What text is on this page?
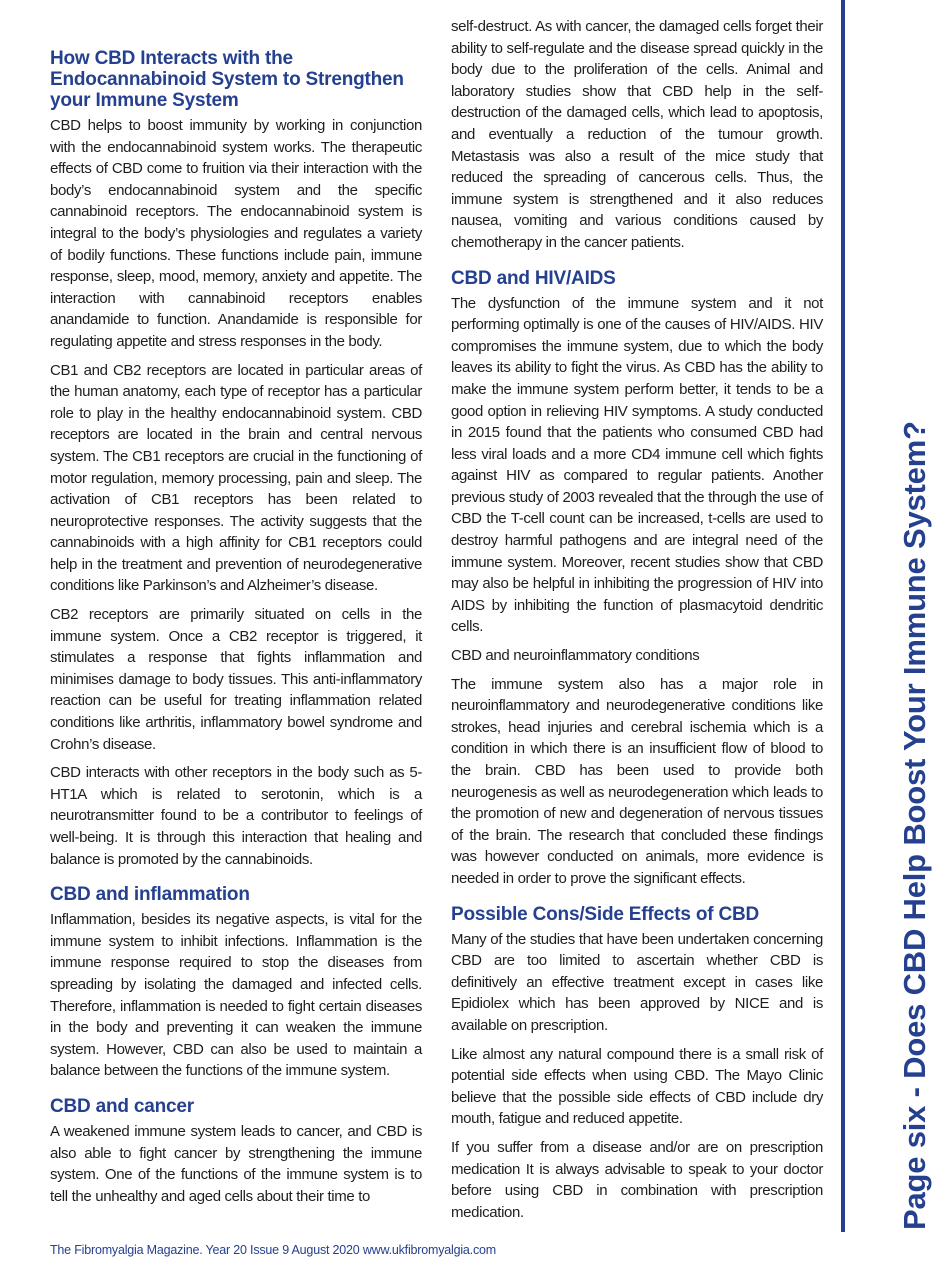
How CBD Interacts with the Endocannabinoid System to Strengthen your Immune System

CBD helps to boost immunity by working in conjunction with the endocannabinoid system works. The therapeutic effects of CBD come to fruition via their interaction with the body’s endocannabinoid system and the specific cannabinoid receptors. The endocannabinoid system is integral to the body’s physiologies and regulates a variety of bodily functions. These functions include pain, immune response, sleep, mood, memory, anxiety and appetite. The interaction with cannabinoid receptors enables anandamide to function. Anandamide is responsible for regulating appetite and stress responses in the body.

CB1 and CB2 receptors are located in particular areas of the human anatomy, each type of receptor has a particular role to play in the healthy endocannabinoid system. CBD receptors are located in the brain and central nervous system. The CB1 receptors are crucial in the functioning of motor regulation, memory processing, pain and sleep. The activation of CB1 receptors has been related to neuroprotective responses. The activity suggests that the cannabinoids with a high affinity for CB1 receptors could help in the treatment and prevention of neurodegenerative conditions like Parkinson’s and Alzheimer’s disease.

CB2 receptors are primarily situated on cells in the immune system. Once a CB2 receptor is triggered, it stimulates a response that fights inflammation and minimises damage to body tissues. This anti-inflammatory reaction can be useful for treating inflammation related conditions like arthritis, inflammatory bowel syndrome and Crohn’s disease.

CBD interacts with other receptors in the body such as 5-HT1A which is related to serotonin, which is a neurotransmitter found to be a contributor to feelings of well-being. It is through this interaction that healing and balance is promoted by the cannabinoids.

CBD and inflammation

Inflammation, besides its negative aspects, is vital for the immune system to inhibit infections. Inflammation is the immune response required to stop the diseases from spreading by isolating the damaged and infected cells. Therefore, inflammation is needed to fight certain diseases in the body and preventing it can weaken the immune system. However, CBD can also be used to maintain a balance between the functions of the immune system.

CBD and cancer

A weakened immune system leads to cancer, and CBD is also able to fight cancer by strengthening the immune system. One of the functions of the immune system is to tell the unhealthy and aged cells about their time to

self-destruct. As with cancer, the damaged cells forget their ability to self-regulate and the disease spread quickly in the body due to the proliferation of the cells. Animal and laboratory studies show that CBD help in the self-destruction of the damaged cells, which lead to apoptosis, and eventually a reduction of the tumour growth. Metastasis was also a result of the mice study that reduced the spreading of cancerous cells. Thus, the immune system is strengthened and it also reduces nausea, vomiting and various conditions caused by chemotherapy in the cancer patients.

CBD and HIV/AIDS

The dysfunction of the immune system and it not performing optimally is one of the causes of HIV/AIDS. HIV compromises the immune system, due to which the body leaves its ability to fight the virus. As CBD has the ability to make the immune system perform better, it tends to be a good option in relieving HIV symptoms. A study conducted in 2015 found that the patients who consumed CBD had less viral loads and a more CD4 immune cell which fights against HIV as compared to regular patients. Another previous study of 2003 revealed that the through the use of CBD the T-cell count can be increased, t-cells are used to destroy harmful pathogens and are integral need of the immune system. Moreover, recent studies show that CBD may also be helpful in inhibiting the progression of HIV into AIDS by inhibiting the function of plasmacytoid dendritic cells.

CBD and neuroinflammatory conditions

The immune system also has a major role in neuroinflammatory and neurodegenerative conditions like strokes, head injuries and cerebral ischemia which is a condition in which there is an insufficient flow of blood to the brain. CBD has been used to provide both neurogenesis as well as neurodegeneration which leads to the promotion of new and degeneration of nervous tissues of the brain. The research that concluded these findings was however conducted on animals, more evidence is needed in order to prove the significant effects.

Possible Cons/Side Effects of CBD

Many of the studies that have been undertaken concerning CBD are too limited to ascertain whether CBD is definitively an effective treatment except in cases like Epidiolex which has been approved by NICE and is available on prescription.

Like almost any natural compound there is a small risk of potential side effects when using CBD. The Mayo Clinic believe that the possible side effects of CBD include dry mouth, fatigue and reduced appetite.

If you suffer from a disease and/or are on prescription medication It is always advisable to speak to your doctor before using CBD in combination with prescription medication.	Page six - Does CBD Help Boost Your Immune System?
The Fibromyalgia Magazine. Year 20 Issue 9 August 2020 www.ukfibromyalgia.com
